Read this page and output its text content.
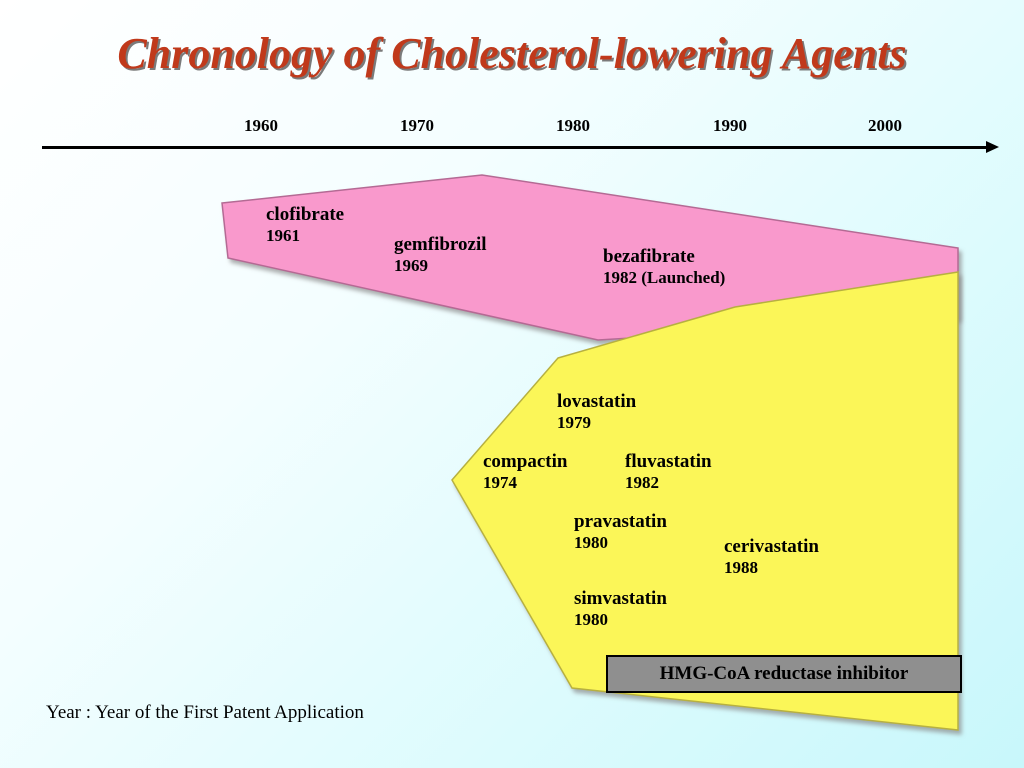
Chronology of Cholesterol-lowering Agents
1960	1970	1980	1990	2000
clofibrate
1961	gemfibrozil
1969	bezafibrate
1982 (Launched)
lovastatin
1979
compactin
1974
fluvastatin
1982
pravastatin
1980	cerivastatin
1988
simvastatin
1980
HMG-CoA reductase inhibitor
Year : Year of the First Patent Application
